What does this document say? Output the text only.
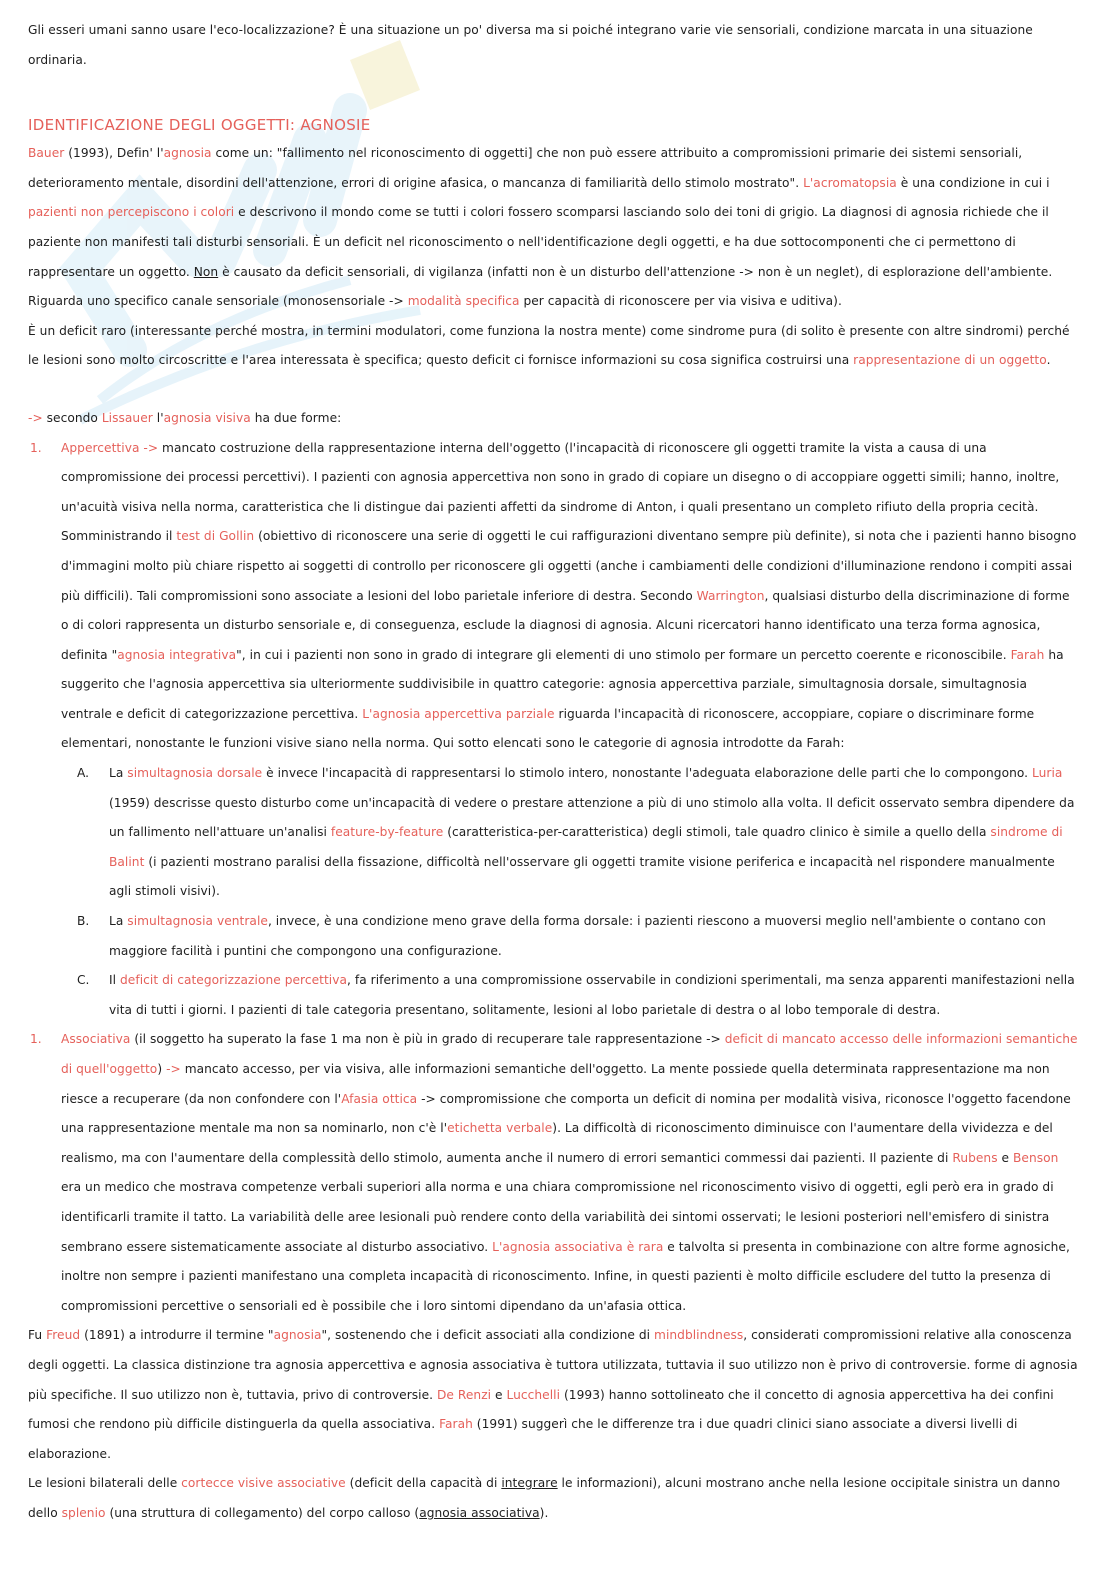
Gli esseri umani sanno usare l'eco-localizzazione? È una situazione un po' diversa ma si poiché integrano varie vie sensoriali, condizione marcata in una situazione ordinaria.

IDENTIFICAZIONE DEGLI OGGETTI: AGNOSIE

Bauer (1993), Defin' l'agnosia come un: "fallimento nel riconoscimento di oggetti] che non può essere attribuito a compromissioni primarie dei sistemi sensoriali, deterioramento mentale, disordini dell'attenzione, errori di origine afasica, o mancanza di familiarità dello stimolo mostrato". L'acromatopsia è una condizione in cui i pazienti non percepiscono i colori e descrivono il mondo come se tutti i colori fossero scomparsi lasciando solo dei toni di grigio. La diagnosi di agnosia richiede che il paziente non manifesti tali disturbi sensoriali. È un deficit nel riconoscimento o nell'identificazione degli oggetti, e ha due sottocomponenti che ci permettono di rappresentare un oggetto. Non è causato da deficit sensoriali, di vigilanza (infatti non è un disturbo dell'attenzione -> non è un neglet), di esplorazione dell'ambiente. Riguarda uno specifico canale sensoriale (monosensoriale -> modalità specifica per capacità di riconoscere per via visiva e uditiva).

È un deficit raro (interessante perché mostra, in termini modulatori, come funziona la nostra mente) come sindrome pura (di solito è presente con altre sindromi) perché le lesioni sono molto circoscritte e l'area interessata è specifica; questo deficit ci fornisce informazioni su cosa significa costruirsi una rappresentazione di un oggetto.

-> secondo Lissauer l'agnosia visiva ha due forme:

1. Appercettiva -> mancato costruzione della rappresentazione interna dell'oggetto (l'incapacità di riconoscere gli oggetti tramite la vista a causa di una compromissione dei processi percettivi). I pazienti con agnosia appercettiva non sono in grado di copiare un disegno o di accoppiare oggetti simili; hanno, inoltre, un'acuità visiva nella norma, caratteristica che li distingue dai pazienti affetti da sindrome di Anton, i quali presentano un completo rifiuto della propria cecità. Somministrando il test di Gollin (obiettivo di riconoscere una serie di oggetti le cui raffigurazioni diventano sempre più definite), si nota che i pazienti hanno bisogno d'immagini molto più chiare rispetto ai soggetti di controllo per riconoscere gli oggetti (anche i cambiamenti delle condizioni d'illuminazione rendono i compiti assai più difficili). Tali compromissioni sono associate a lesioni del lobo parietale inferiore di destra. Secondo Warrington, qualsiasi disturbo della discriminazione di forme o di colori rappresenta un disturbo sensoriale e, di conseguenza, esclude la diagnosi di agnosia. Alcuni ricercatori hanno identificato una terza forma agnosica, definita "agnosia integrativa", in cui i pazienti non sono in grado di integrare gli elementi di uno stimolo per formare un percetto coerente e riconoscibile. Farah ha suggerito che l'agnosia appercettiva sia ulteriormente suddivisibile in quattro categorie: agnosia appercettiva parziale, simultagnosia dorsale, simultagnosia ventrale e deficit di categorizzazione percettiva. L'agnosia appercettiva parziale riguarda l'incapacità di riconoscere, accoppiare, copiare o discriminare forme elementari, nonostante le funzioni visive siano nella norma. Qui sotto elencati sono le categorie di agnosia introdotte da Farah:

A. La simultagnosia dorsale è invece l'incapacità di rappresentarsi lo stimolo intero, nonostante l'adeguata elaborazione delle parti che lo compongono. Luria (1959) descrisse questo disturbo come un'incapacità di vedere o prestare attenzione a più di uno stimolo alla volta. Il deficit osservato sembra dipendere da un fallimento nell'attuare un'analisi feature-by-feature (caratteristica-per-caratteristica) degli stimoli, tale quadro clinico è simile a quello della sindrome di Balint (i pazienti mostrano paralisi della fissazione, difficoltà nell'osservare gli oggetti tramite visione periferica e incapacità nel rispondere manualmente agli stimoli visivi).

B. La simultagnosia ventrale, invece, è una condizione meno grave della forma dorsale: i pazienti riescono a muoversi meglio nell'ambiente o contano con maggiore facilità i puntini che compongono una configurazione.

C. Il deficit di categorizzazione percettiva, fa riferimento a una compromissione osservabile in condizioni sperimentali, ma senza apparenti manifestazioni nella vita di tutti i giorni. I pazienti di tale categoria presentano, solitamente, lesioni al lobo parietale di destra o al lobo temporale di destra.

1. Associativa (il soggetto ha superato la fase 1 ma non è più in grado di recuperare tale rappresentazione -> deficit di mancato accesso delle informazioni semantiche di quell'oggetto) -> mancato accesso, per via visiva, alle informazioni semantiche dell'oggetto. La mente possiede quella determinata rappresentazione ma non riesce a recuperare (da non confondere con l'Afasia ottica -> compromissione che comporta un deficit di nomina per modalità visiva, riconosce l'oggetto facendone una rappresentazione mentale ma non sa nominarlo, non c'è l'etichetta verbale). La difficoltà di riconoscimento diminuisce con l'aumentare della vividezza e del realismo, ma con l'aumentare della complessità dello stimolo, aumenta anche il numero di errori semantici commessi dai pazienti. Il paziente di Rubens e Benson era un medico che mostrava competenze verbali superiori alla norma e una chiara compromissione nel riconoscimento visivo di oggetti, egli però era in grado di identificarli tramite il tatto. La variabilità delle aree lesionali può rendere conto della variabilità dei sintomi osservati; le lesioni posteriori nell'emisfero di sinistra sembrano essere sistematicamente associate al disturbo associativo. L'agnosia associativa è rara e talvolta si presenta in combinazione con altre forme agnosiche, inoltre non sempre i pazienti manifestano una completa incapacità di riconoscimento. Infine, in questi pazienti è molto difficile escludere del tutto la presenza di compromissioni percettive o sensoriali ed è possibile che i loro sintomi dipendano da un'afasia ottica.

Fu Freud (1891) a introdurre il termine "agnosia", sostenendo che i deficit associati alla condizione di mindblindness, considerati compromissioni relative alla conoscenza degli oggetti. La classica distinzione tra agnosia appercettiva e agnosia associativa è tuttora utilizzata, tuttavia il suo utilizzo non è privo di controversie. forme di agnosia più specifiche. Il suo utilizzo non è, tuttavia, privo di controversie. De Renzi e Lucchelli (1993) hanno sottolineato che il concetto di agnosia appercettiva ha dei confini fumosi che rendono più difficile distinguerla da quella associativa. Farah (1991) suggerì che le differenze tra i due quadri clinici siano associate a diversi livelli di elaborazione.

Le lesioni bilaterali delle cortecce visive associative (deficit della capacità di integrare le informazioni), alcuni mostrano anche nella lesione occipitale sinistra un danno dello splenio (una struttura di collegamento) del corpo calloso (agnosia associativa).
